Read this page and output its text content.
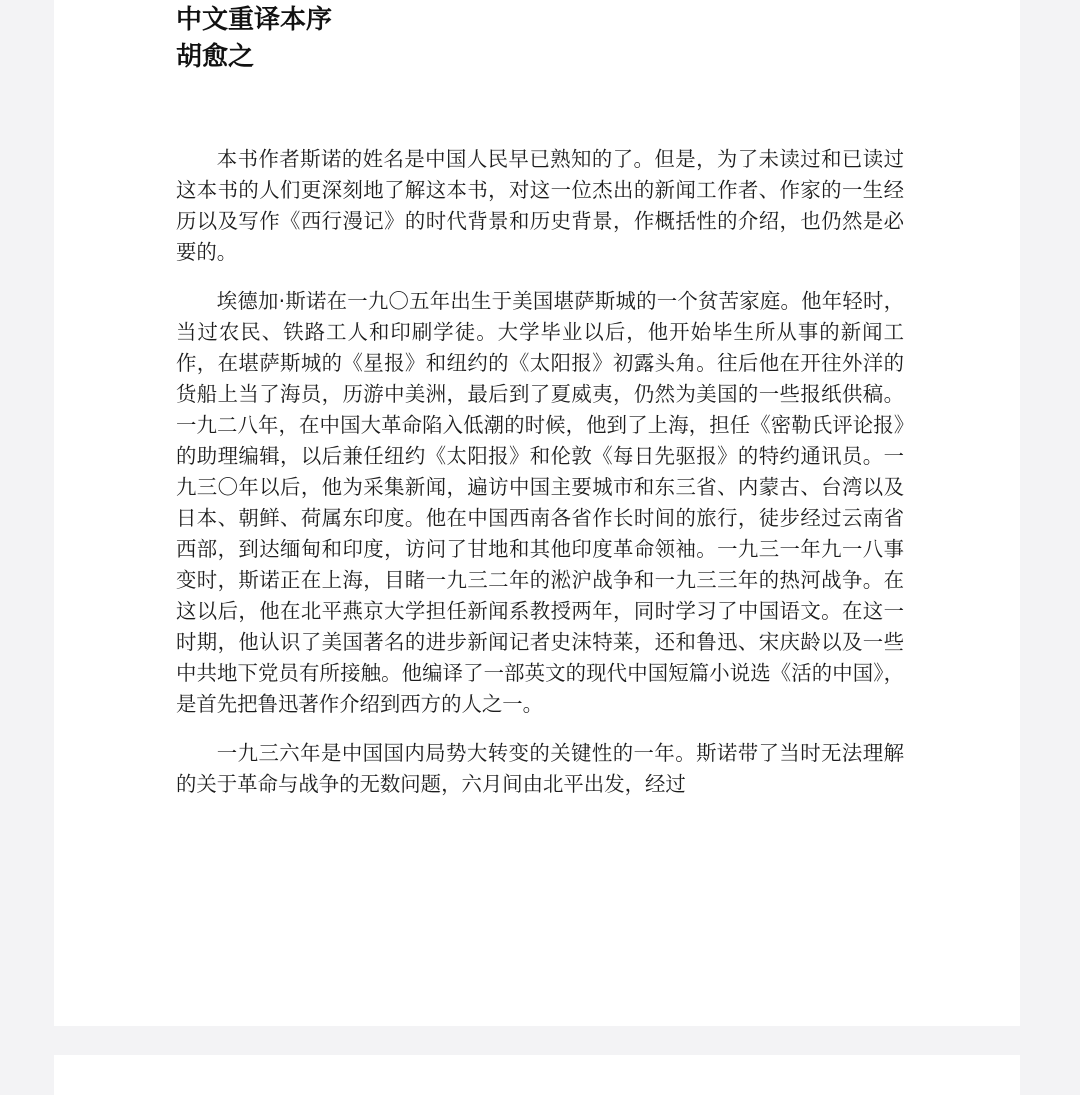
中文重译本序
胡愈之

本书作者斯诺的姓名是中国人民早已熟知的了。但是，为了未读过和已读过这本书的人们更深刻地了解这本书，对这一位杰出的新闻工作者、作家的一生经历以及写作《西行漫记》的时代背景和历史背景，作概括性的介绍，也仍然是必要的。

埃德加·斯诺在一九〇五年出生于美国堪萨斯城的一个贫苦家庭。他年轻时，当过农民、铁路工人和印刷学徒。大学毕业以后，他开始毕生所从事的新闻工作，在堪萨斯城的《星报》和纽约的《太阳报》初露头角。往后他在开往外洋的货船上当了海员，历游中美洲，最后到了夏威夷，仍然为美国的一些报纸供稿。一九二八年，在中国大革命陷入低潮的时候，他到了上海，担任《密勒氏评论报》的助理编辑，以后兼任纽约《太阳报》和伦敦《每日先驱报》的特约通讯员。一九三〇年以后，他为采集新闻，遍访中国主要城市和东三省、内蒙古、台湾以及日本、朝鲜、荷属东印度。他在中国西南各省作长时间的旅行，徒步经过云南省西部，到达缅甸和印度，访问了甘地和其他印度革命领袖。一九三一年九一八事变时，斯诺正在上海，目睹一九三二年的淞沪战争和一九三三年的热河战争。在这以后，他在北平燕京大学担任新闻系教授两年，同时学习了中国语文。在这一时期，他认识了美国著名的进步新闻记者史沫特莱，还和鲁迅、宋庆龄以及一些中共地下党员有所接触。他编译了一部英文的现代中国短篇小说选《活的中国》，是首先把鲁迅著作介绍到西方的人之一。

一九三六年是中国国内局势大转变的关键性的一年。斯诺带了当时无法理解的关于革命与战争的无数问题，六月间由北平出发，经过
